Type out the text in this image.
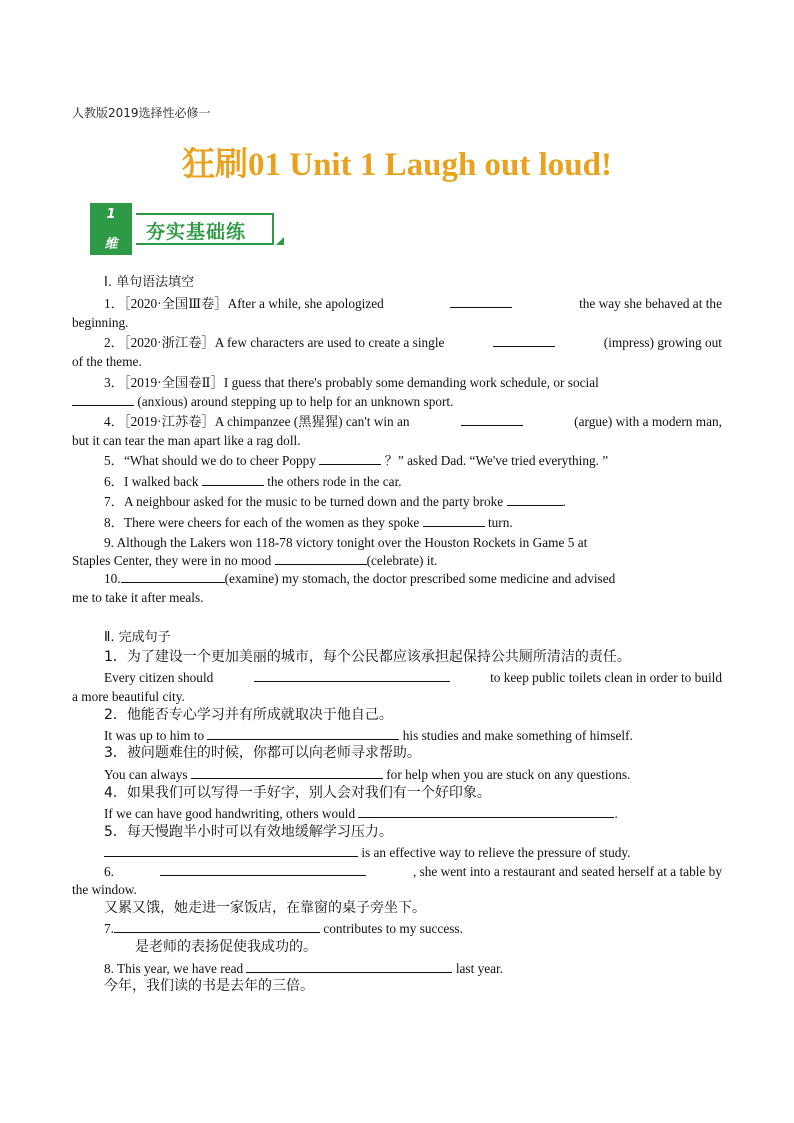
人教版2019选择性必修一
狂刷01 Unit 1 Laugh out loud!
1
维
夯实基础练
Ⅰ. 单句语法填空
1．［2020·全国Ⅲ卷］After a while, she apologized	the way she behaved at the
beginning.
2．［2020·浙江卷］A few characters are used to create a single	(impress) growing out
of the theme.
3．［2019·全国卷Ⅱ］I guess that there's probably some demanding work schedule, or social
(anxious) around stepping up to help for an unknown sport.
4．［2019·江苏卷］A chimpanzee (黑猩猩) can't win an	(argue) with a modern man,
but it can tear the man apart like a rag doll.
5．“What should we do to cheer Poppy	？” asked Dad. “We've tried everything. ”
6．I walked back	the others rode in the car.
7．A neighbour asked for the music to be turned down and the party broke	.
8．There were cheers for each of the women as they spoke	turn.
9. Although the Lakers won 118-78 victory tonight over the Houston Rockets in Game 5 at
Staples Center, they were in no mood	(celebrate) it.
10.	(examine) my stomach, the doctor prescribed some medicine and advised
me to take it after meals.
Ⅱ. 完成句子
1．为了建设一个更加美丽的城市，每个公民都应该承担起保持公共厕所清洁的责任。
Every citizen should	to keep public toilets clean in order to build
a more beautiful city.
2．他能否专心学习并有所成就取决于他自己。
It was up to him to	his studies and make something of himself.
3．被问题难住的时候，你都可以向老师寻求帮助。
You can always	for help when you are stuck on any questions.
4．如果我们可以写得一手好字，别人会对我们有一个好印象。
If we can have good handwriting, others would	.
5．每天慢跑半小时可以有效地缓解学习压力。
is an effective way to relieve the pressure of study.
6.	, she went into a restaurant and seated herself at a table by
the window.
又累又饿，她走进一家饭店，在靠窗的桌子旁坐下。
7.	contributes to my success.
是老师的表扬促使我成功的。
8. This year, we have read	last year.
今年，我们读的书是去年的三倍。
